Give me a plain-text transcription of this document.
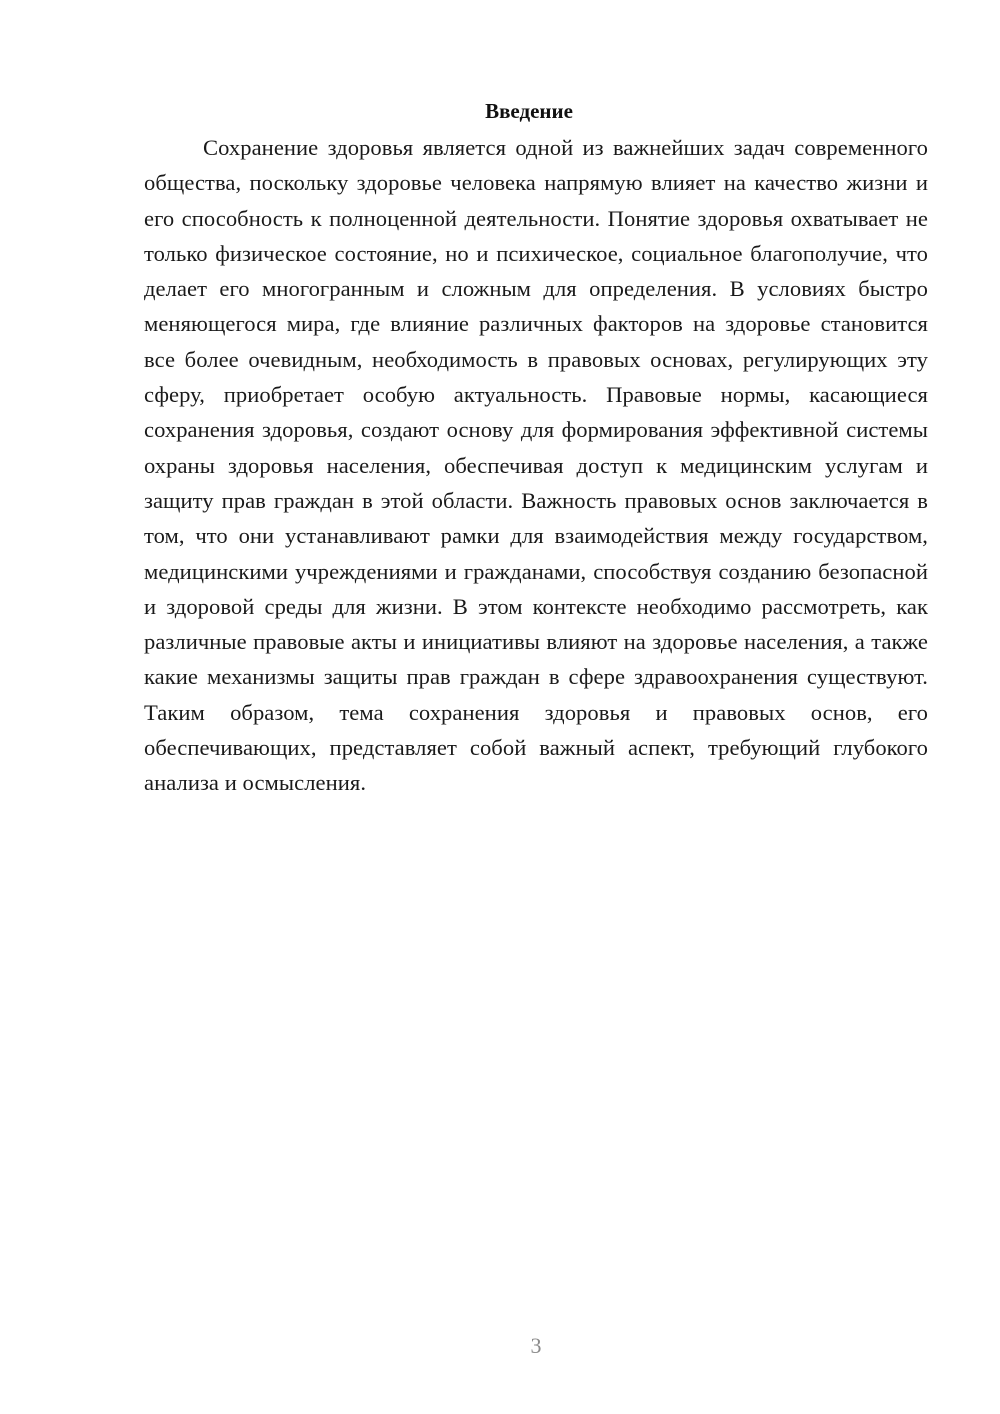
Введение

Сохранение здоровья является одной из важнейших задач современного общества, поскольку здоровье человека напрямую влияет на качество жизни и его способность к полноценной деятельности. Понятие здоровья охватывает не только физическое состояние, но и психическое, социальное благополучие, что делает его многогранным и сложным для определения. В условиях быстро меняющегося мира, где влияние различных факторов на здоровье становится все более очевидным, необходимость в правовых основах, регулирующих эту сферу, приобретает особую актуальность. Правовые нормы, касающиеся сохранения здоровья, создают основу для формирования эффективной системы охраны здоровья населения, обеспечивая доступ к медицинским услугам и защиту прав граждан в этой области. Важность правовых основ заключается в том, что они устанавливают рамки для взаимодействия между государством, медицинскими учреждениями и гражданами, способствуя созданию безопасной и здоровой среды для жизни. В этом контексте необходимо рассмотреть, как различные правовые акты и инициативы влияют на здоровье населения, а также какие механизмы защиты прав граждан в сфере здравоохранения существуют. Таким образом, тема сохранения здоровья и правовых основ, его обеспечивающих, представляет собой важный аспект, требующий глубокого анализа и осмысления.

3
